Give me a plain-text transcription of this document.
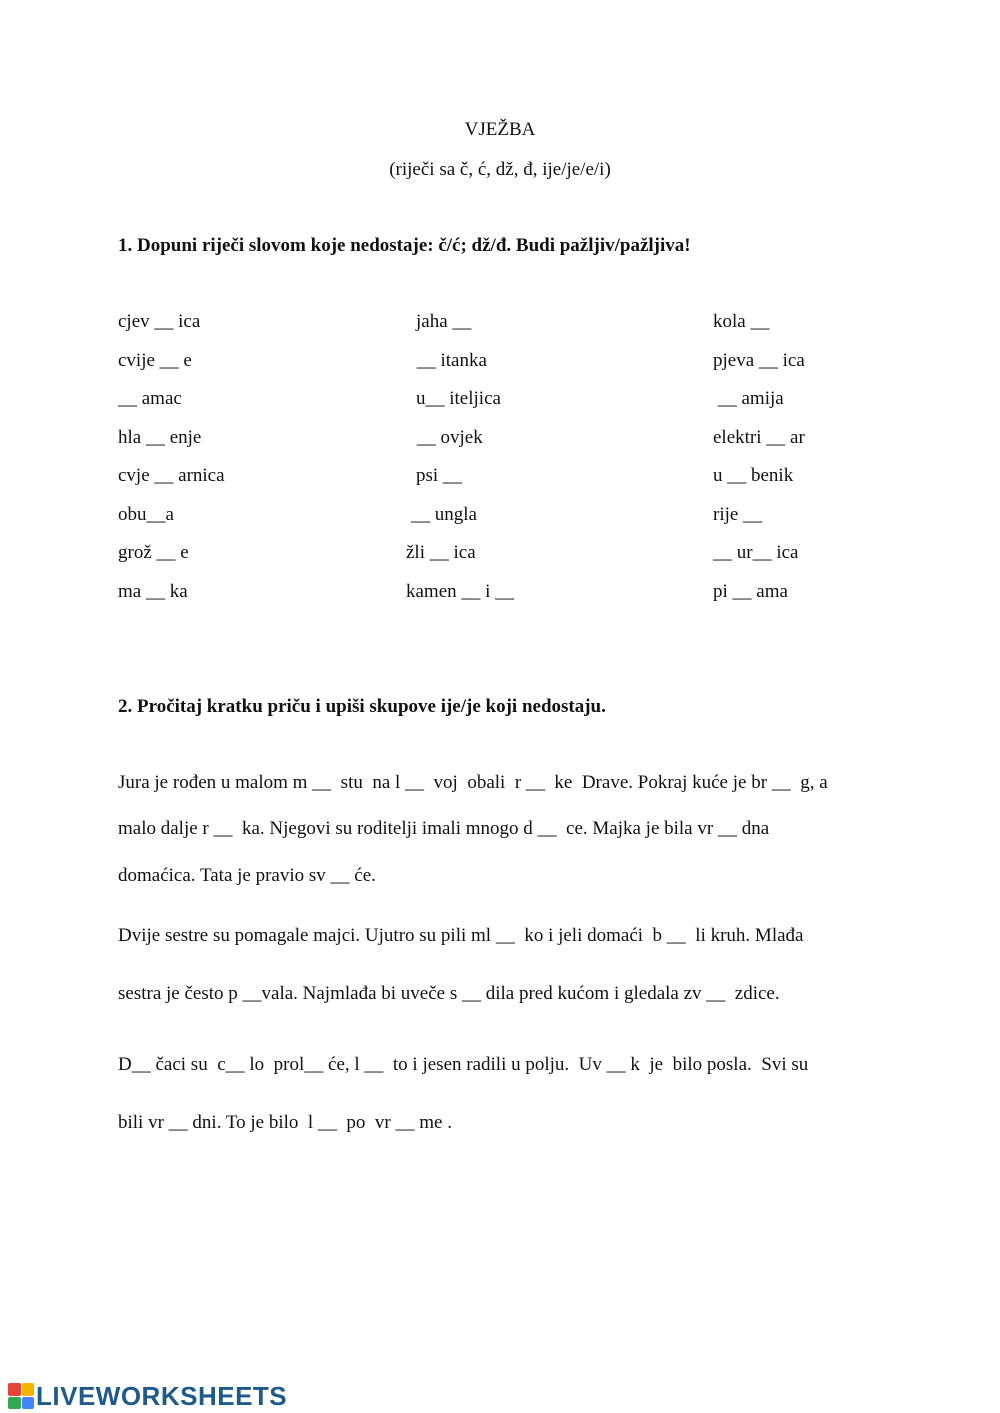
VJEŽBA
(riječi sa č, ć, dž, đ, ije/je/e/i)
1. Dopuni riječi slovom koje nedostaje: č/ć; dž/đ. Budi pažljiv/pažljiva!
cjev __ ica
cvije __ e
__ amac
hla __ enje
cvje __ arnica
obu__a
grož __ e
ma __ ka
jaha __
__ itanka
u__ iteljica
__ ovjek
psi __
__ ungla
žli __ ica
kamen __ i __
kola __
pjeva __ ica
__ amija
elektri __ ar
u __ benik
rije __
__ ur__ ica
pi __ ama
2. Pročitaj kratku priču i upiši skupove ije/je koji nedostaju.
Jura je rođen u malom m __  stu  na l __  voj  obali  r __  ke  Drave. Pokraj kuće je br __  g, a
malo dalje r __  ka. Njegovi su roditelji imali mnogo d __  ce. Majka je bila vr __ dna
domaćica. Tata je pravio sv __ će.
Dvije sestre su pomagale majci. Ujutro su pili ml __  ko i jeli domaći  b __  li kruh. Mlađa
sestra je često p __vala. Najmlađa bi uveče s __ dila pred kućom i gledala zv __  zdice.
D__ čaci su  c__ lo  prol__ će, l __  to i jesen radili u polju.  Uv __ k  je  bilo posla.  Svi su
bili vr __ dni. To je bilo  l __  po  vr __ me .
LIVEWORKSHEETS
